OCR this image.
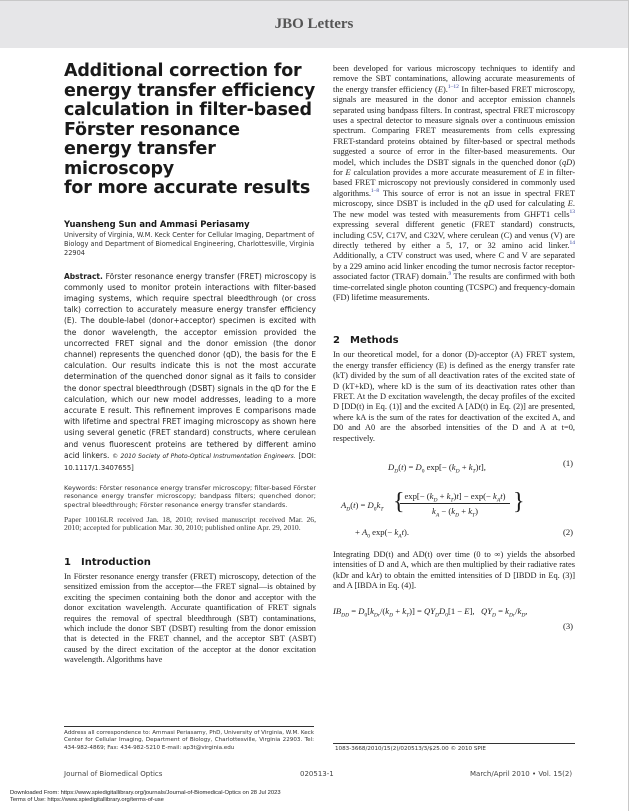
JBO Letters
Additional correction for
energy transfer efficiency
calculation in filter-based
Förster resonance
energy transfer microscopy
for more accurate results
Yuansheng Sun and Ammasi Periasamy
University of Virginia, W.M. Keck Center for Cellular Imaging, Department of Biology and Department of Biomedical Engineering, Charlottesville, Virginia 22904
Abstract. Förster resonance energy transfer (FRET) microscopy is commonly used to monitor protein interactions with filter-based imaging systems, which require spectral bleedthrough (or cross talk) correction to accurately measure energy transfer efficiency (E). The double-label (donor+acceptor) specimen is excited with the donor wavelength, the acceptor emission provided the uncorrected FRET signal and the donor emission (the donor channel) represents the quenched donor (qD), the basis for the E calculation. Our results indicate this is not the most accurate determination of the quenched donor signal as it fails to consider the donor spectral bleedthrough (DSBT) signals in the qD for the E calculation, which our new model addresses, leading to a more accurate E result. This refinement improves E comparisons made with lifetime and spectral FRET imaging microscopy as shown here using several genetic (FRET standard) constructs, where cerulean and venus fluorescent proteins are tethered by different amino acid linkers. © 2010 Society of Photo-Optical Instrumentation Engineers. [DOI: 10.1117/1.3407655]
Keywords: Förster resonance energy transfer microscopy; filter-based Förster resonance energy transfer microscopy; bandpass filters; quenched donor; spectral bleedthrough; Förster resonance energy transfer standards.
Paper 10016LR received Jan. 18, 2010; revised manuscript received Mar. 26, 2010; accepted for publication Mar. 30, 2010; published online Apr. 29, 2010.
1 Introduction
In Förster resonance energy transfer (FRET) microscopy, detection of the sensitized emission from the acceptor—the FRET signal—is obtained by exciting the specimen containing both the donor and acceptor with the donor excitation wavelength. Accurate quantification of FRET signals requires the removal of spectral bleedthrough (SBT) contaminations, which include the donor SBT (DSBT) resulting from the donor emission that is detected in the FRET channel, and the acceptor SBT (ASBT) caused by the direct excitation of the acceptor at the donor excitation wavelength. Algorithms have
Address all correspondence to: Ammasi Periasamy, PhD, University of Virginia, W.M. Keck Center for Cellular Imaging, Department of Biology, Charlottesville, Virginia 22903. Tel: 434-982-4869; Fax: 434-982-5210 E-mail: ap3t@virginia.edu
been developed for various microscopy techniques to identify and remove the SBT contaminations, allowing accurate measurements of the energy transfer efficiency (E).$^{1-12}$ In filter-based FRET microscopy, signals are measured in the donor and acceptor emission channels separated using bandpass filters. In contrast, spectral FRET microscopy uses a spectral detector to measure signals over a continuous emission spectrum. Comparing FRET measurements from cells expressing FRET-standard proteins obtained by filter-based or spectral methods suggested a source of error in the filter-based measurements. Our model, which includes the DSBT signals in the quenched donor (qD) for E calculation provides a more accurate measurement of E in filter-based FRET microscopy not previously considered in commonly used algorithms.$^{1-8}$ This source of error is not an issue in spectral FRET microscopy, since DSBT is included in the qD used for calculating E. The new model was tested with measurements from GHFT1 cells$^{13}$ expressing several different genetic (FRET standard) constructs, including C5V, C17V, and C32V, where cerulean (C) and venus (V) are directly tethered by either a 5, 17, or 32 amino acid linker.$^{14}$ Additionally, a CTV construct was used, where C and V are separated by a 229 amino acid linker encoding the tumor necrosis factor receptor-associated factor (TRAF) domain.$^9$ The results are confirmed with both time-correlated single photon counting (TCSPC) and frequency-domain (FD) lifetime measurements.
2 Methods
In our theoretical model, for a donor (D)-acceptor (A) FRET system, the energy transfer efficiency (E) is defined as the energy transfer rate (kT) divided by the sum of all deactivation rates of the excited state of D (kT+kD), where kD is the sum of its deactivation rates other than FRET. At the D excitation wavelength, the decay profiles of the excited D [DD(t) in Eq. (1)] and the excited A [AD(t) in Eq. (2)] are presented, where kA is the sum of the rates for deactivation of the excited A, and D0 and A0 are the absorbed intensities of the D and A at t=0, respectively.
$D_D(t) = D_0$ $\exp[- (k_D + k_T)t]$,	(1)
$A_D(t) = D_0k_T$ { $\exp[- (k_D + k_T)t] - \exp(- k_At)$
$k_A - (k_D + k_T)$	}
+ $A_0$ $\exp(- k_At)$.	(2)
Integrating DD(t) and AD(t) over time (0 to ∞) yields the absorbed intensities of D and A, which are then multiplied by their radiative rates (kDr and kAr) to obtain the emitted intensities of D [IBDD in Eq. (3)] and A [IBDA in Eq. (4)].
$IB_{DD} = D_0[k_{Dr}/(k_D + k_T)] = QY_DD_0[1 - E]$,   $QY_D = k_{Dr}/k_D$,
(3)
1083-3668/2010/15(2)/020513/3/$25.00 © 2010 SPIE
Journal of Biomedical Optics	020513-1	March/April 2010 • Vol. 15(2)
Downloaded From: https://www.spiedigitallibrary.org/journals/Journal-of-Biomedical-Optics on 28 Jul 2023
Terms of Use: https://www.spiedigitallibrary.org/terms-of-use
